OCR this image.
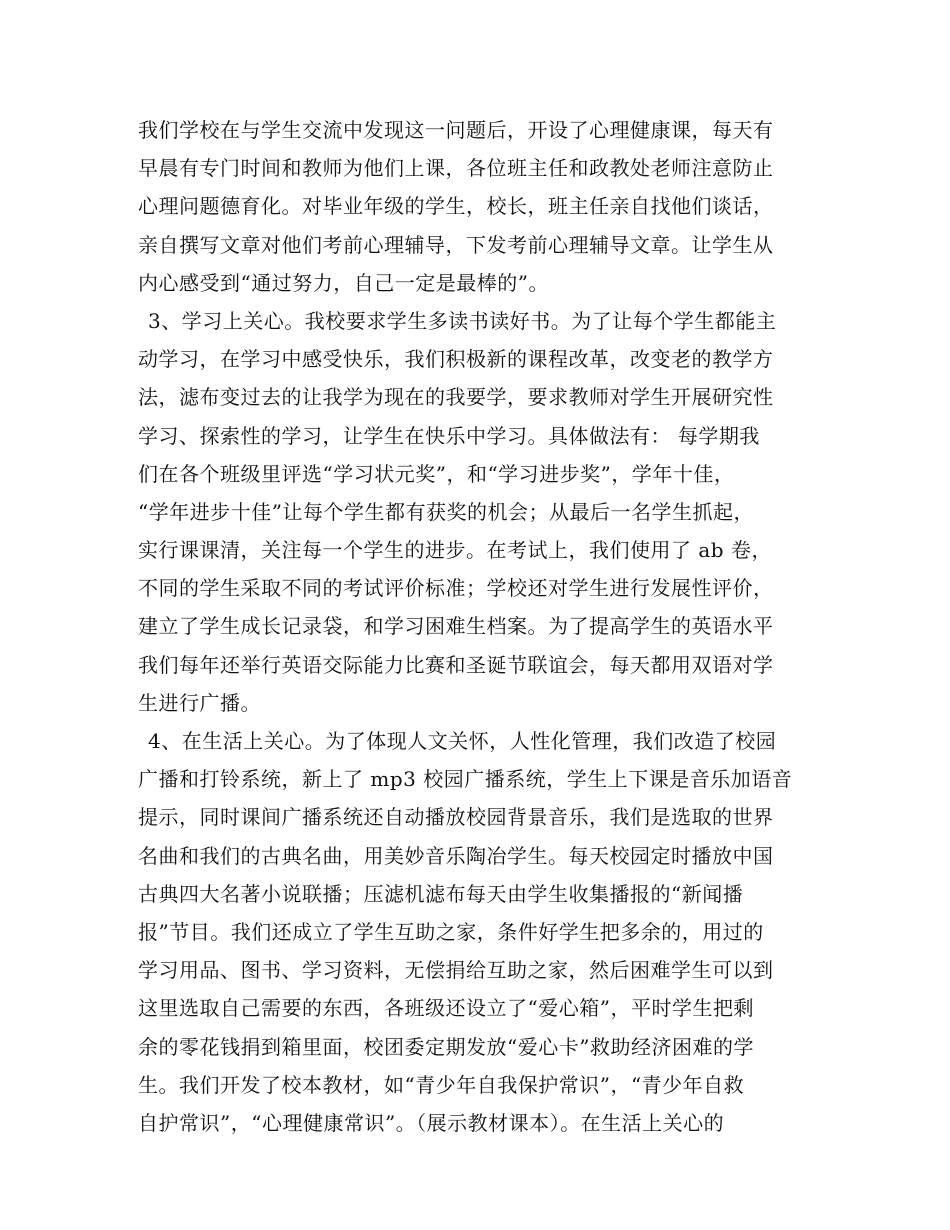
我们学校在与学生交流中发现这一问题后，开设了心理健康课，每天有
早晨有专门时间和教师为他们上课，各位班主任和政教处老师注意防止
心理问题德育化。对毕业年级的学生，校长，班主任亲自找他们谈话，
亲自撰写文章对他们考前心理辅导，下发考前心理辅导文章。让学生从
内心感受到“通过努力，自己一定是最棒的”。
3、学习上关心。我校要求学生多读书读好书。为了让每个学生都能主
动学习，在学习中感受快乐，我们积极新的课程改革，改变老的教学方
法，滤布变过去的让我学为现在的我要学，要求教师对学生开展研究性
学习、探索性的学习，让学生在快乐中学习。具体做法有： 每学期我
们在各个班级里评选“学习状元奖”，和“学习进步奖”，学年十佳，
“学年进步十佳”让每个学生都有获奖的机会；从最后一名学生抓起，
实行课课清，关注每一个学生的进步。在考试上，我们使用了 ab 卷，
不同的学生采取不同的考试评价标准；学校还对学生进行发展性评价，
建立了学生成长记录袋，和学习困难生档案。为了提高学生的英语水平
我们每年还举行英语交际能力比赛和圣诞节联谊会，每天都用双语对学
生进行广播。
4、在生活上关心。为了体现人文关怀，人性化管理，我们改造了校园
广播和打铃系统，新上了 mp3 校园广播系统，学生上下课是音乐加语音
提示，同时课间广播系统还自动播放校园背景音乐，我们是选取的世界
名曲和我们的古典名曲，用美妙音乐陶冶学生。每天校园定时播放中国
古典四大名著小说联播；压滤机滤布每天由学生收集播报的“新闻播
报”节目。我们还成立了学生互助之家，条件好学生把多余的，用过的
学习用品、图书、学习资料，无偿捐给互助之家，然后困难学生可以到
这里选取自己需要的东西，各班级还设立了“爱心箱”，平时学生把剩
余的零花钱捐到箱里面，校团委定期发放“爱心卡”救助经济困难的学
生。我们开发了校本教材，如“青少年自我保护常识”，“青少年自救
自护常识”，“心理健康常识”。（展示教材课本）。在生活上关心的
